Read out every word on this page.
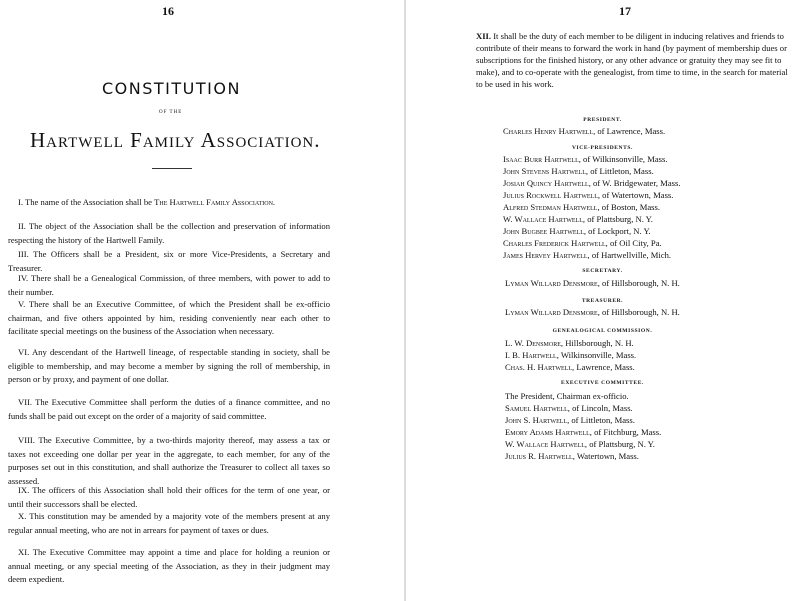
16
CONSTITUTION
OF THE
Hartwell Family Association.
I. The name of the Association shall be The Hartwell Family Association.
II. The object of the Association shall be the collection and preservation of information respecting the history of the Hartwell Family.
III. The Officers shall be a President, six or more Vice-Presidents, a Secretary and Treasurer.
IV. There shall be a Genealogical Commission, of three members, with power to add to their number.
V. There shall be an Executive Committee, of which the President shall be ex-officio chairman, and five others appointed by him, residing conveniently near each other to facilitate special meetings on the business of the Association when necessary.
VI. Any descendant of the Hartwell lineage, of respectable standing in society, shall be eligible to membership, and may become a member by signing the roll of membership, in person or by proxy, and payment of one dollar.
VII. The Executive Committee shall perform the duties of a finance committee, and no funds shall be paid out except on the order of a majority of said committee.
VIII. The Executive Committee, by a two-thirds majority thereof, may assess a tax or taxes not exceeding one dollar per year in the aggregate, to each member, for any of the purposes set out in this constitution, and shall authorize the Treasurer to collect all taxes so assessed.
IX. The officers of this Association shall hold their offices for the term of one year, or until their successors shall be elected.
X. This constitution may be amended by a majority vote of the members present at any regular annual meeting, who are not in arrears for payment of taxes or dues.
XI. The Executive Committee may appoint a time and place for holding a reunion or annual meeting, or any special meeting of the Association, as they in their judgment may deem expedient.
17
XII. It shall be the duty of each member to be diligent in inducing relatives and friends to contribute of their means to forward the work in hand (by payment of membership dues or subscriptions for the finished history, or any other advance or gratuity they may see fit to make), and to co-operate with the genealogist, from time to time, in the search for material to be used in his work.
PRESIDENT.
Charles Henry Hartwell, of Lawrence, Mass.
VICE-PRESIDENTS.
Isaac Burr Hartwell, of Wilkinsonville, Mass.
John Stevens Hartwell, of Littleton, Mass.
Josiah Quincy Hartwell, of W. Bridgewater, Mass.
Julius Rockwell Hartwell, of Watertown, Mass.
Alfred Stedman Hartwell, of Boston, Mass.
W. Wallace Hartwell, of Plattsburg, N. Y.
John Bugbee Hartwell, of Lockport, N. Y.
Charles Frederick Hartwell, of Oil City, Pa.
James Hervey Hartwell, of Hartwellville, Mich.
SECRETARY.
Lyman Willard Densmore, of Hillsborough, N. H.
TREASURER.
Lyman Willard Densmore, of Hillsborough, N. H.
GENEALOGICAL COMMISSION.
L. W. Densmore, Hillsborough, N. H.
I. B. Hartwell, Wilkinsonville, Mass.
Chas. H. Hartwell, Lawrence, Mass.
EXECUTIVE COMMITTEE.
The President, Chairman ex-officio.
Samuel Hartwell, of Lincoln, Mass.
John S. Hartwell, of Littleton, Mass.
Emory Adams Hartwell, of Fitchburg, Mass.
W. Wallace Hartwell, of Plattsburg, N. Y.
Julius R. Hartwell, Watertown, Mass.
